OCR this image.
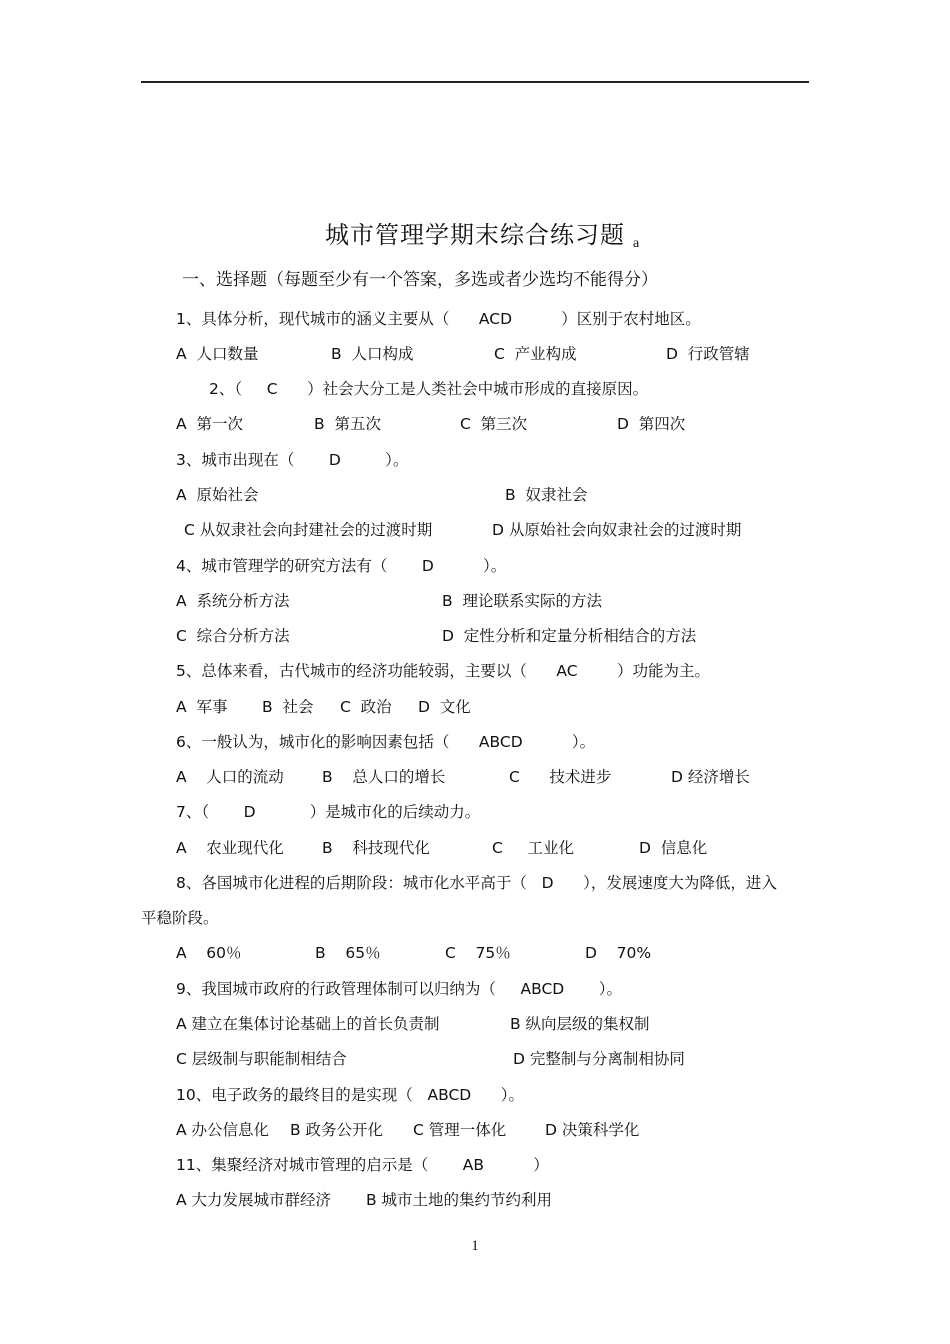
城市管理学期末综合练习题 a
一、选择题（每题至少有一个答案，多选或者少选均不能得分）
1、具体分析，现代城市的涵义主要从（      ACD          ）区别于农村地区。
A  人口数量	B  人口构成	C  产业构成	D  行政管辖
2、（     C      ）社会大分工是人类社会中城市形成的直接原因。
A  第一次	B  第五次	C  第三次	D  第四次
3、城市出现在（       D         ）。
A  原始社会	B  奴隶社会
C 从奴隶社会向封建社会的过渡时期	D 从原始社会向奴隶社会的过渡时期
4、城市管理学的研究方法有（       D          ）。
A  系统分析方法	B  理论联系实际的方法
C  综合分析方法	D  定性分析和定量分析相结合的方法
5、总体来看，古代城市的经济功能较弱，主要以（      AC        ）功能为主。
A  军事 B  社会 C  政治 D  文化
6、一般认为，城市化的影响因素包括（      ABCD          ）。
A    人口的流动 B    总人口的增长	C      技术进步	D 经济增长
7、（       D           ）是城市化的后续动力。
A    农业现代化 B    科技现代化	C     工业化	D  信息化
8、各国城市化进程的后期阶段：城市化水平高于（   D      ），发展速度大为降低，进入
平稳阶段。
A    60％	B    65％	C    75％	D    70%
9、我国城市政府的行政管理体制可以归纳为（     ABCD       ）。
A 建立在集体讨论基础上的首长负责制	B 纵向层级的集权制
C 层级制与职能制相结合	D 完整制与分离制相协同
10、电子政务的最终目的是实现（   ABCD      ）。
A 办公信息化 B 政务公开化 C 管理一体化 D 决策科学化
11、集聚经济对城市管理的启示是（       AB          ）
A 大力发展城市群经济 B 城市土地的集约节约利用
1
